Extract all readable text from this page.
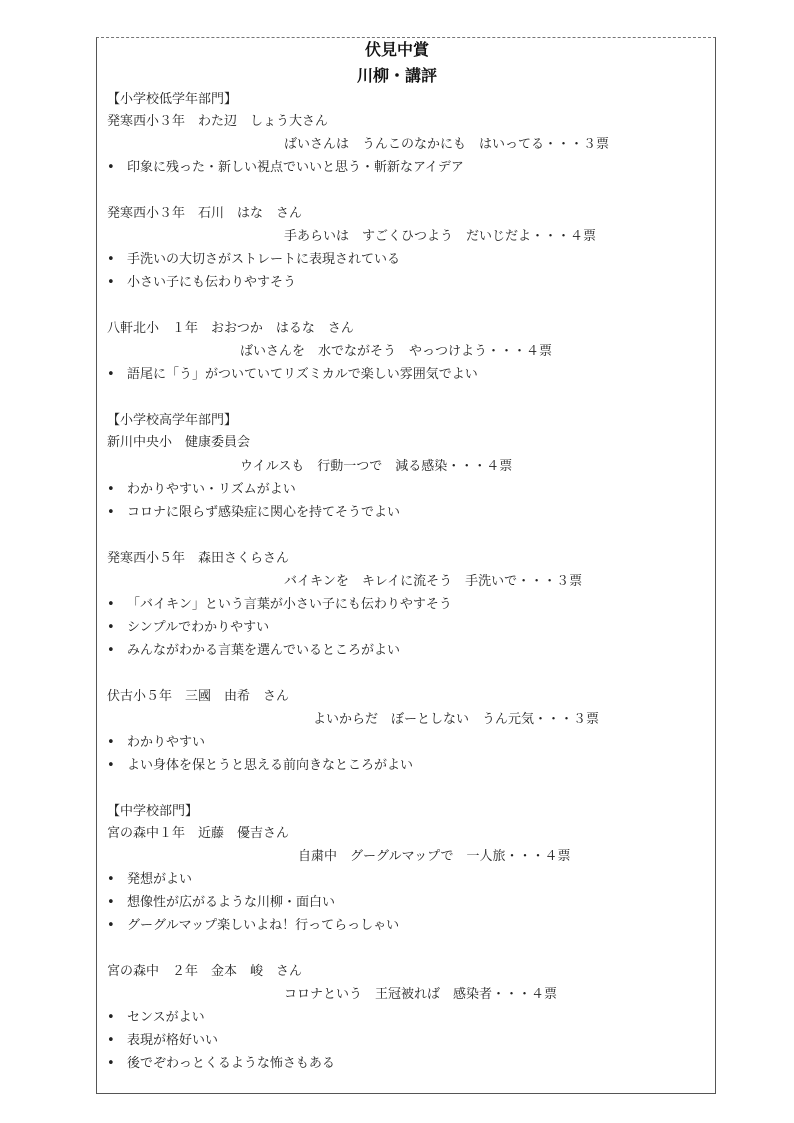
伏見中賞
川柳・講評
【小学校低学年部門】
発寒西小３年　わた辺　しょう大さん
ばいさんは　うんこのなかにも　はいってる・・・３票
• 印象に残った・新しい視点でいいと思う・斬新なアイデア
発寒西小３年　石川　はな　さん
手あらいは　すごくひつよう　だいじだよ・・・４票
• 手洗いの大切さがストレートに表現されている
• 小さい子にも伝わりやすそう
八軒北小　１年　おおつか　はるな　さん
ばいさんを　水でながそう　やっつけよう・・・４票
• 語尾に「う」がついていてリズミカルで楽しい雰囲気でよい
【小学校高学年部門】
新川中央小　健康委員会
ウイルスも　行動一つで　減る感染・・・４票
• わかりやすい・リズムがよい
• コロナに限らず感染症に関心を持てそうでよい
発寒西小５年　森田さくらさん
バイキンを　キレイに流そう　手洗いで・・・３票
• 「バイキン」という言葉が小さい子にも伝わりやすそう
• シンプルでわかりやすい
• みんながわかる言葉を選んでいるところがよい
伏古小５年　三國　由希　さん
よいからだ　ぼーとしない　うん元気・・・３票
• わかりやすい
• よい身体を保とうと思える前向きなところがよい
【中学校部門】
宮の森中１年　近藤　優吉さん
自粛中　グーグルマップで　一人旅・・・４票
• 発想がよい
• 想像性が広がるような川柳・面白い
• グーグルマップ楽しいよね！行ってらっしゃい
宮の森中　２年　金本　峻　さん
コロナという　王冠被れば　感染者・・・４票
• センスがよい
• 表現が格好いい
• 後でぞわっとくるような怖さもある
